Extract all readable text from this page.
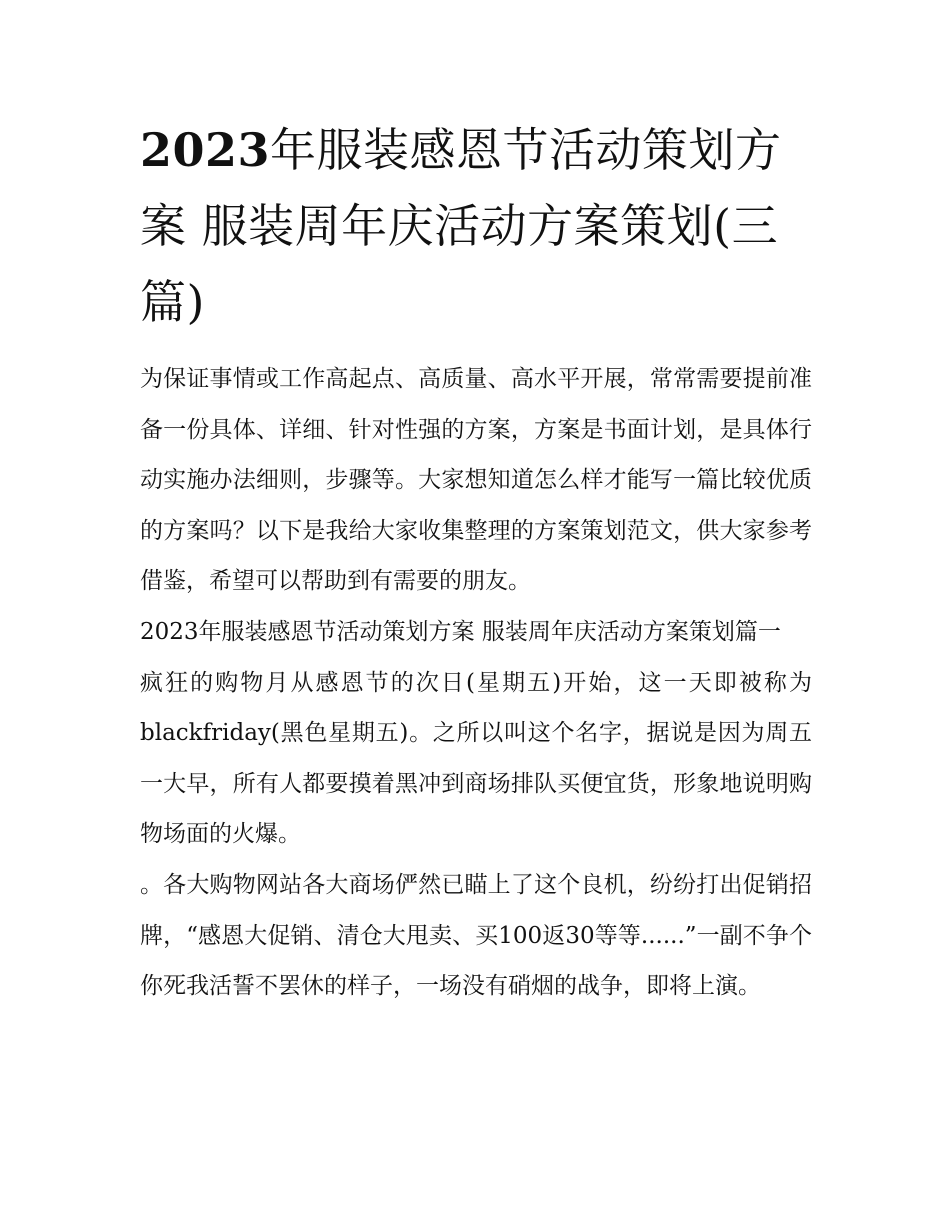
2023年服装感恩节活动策划方案 服装周年庆活动方案策划(三篇)

为保证事情或工作高起点、高质量、高水平开展，常常需要提前准备一份具体、详细、针对性强的方案，方案是书面计划，是具体行动实施办法细则，步骤等。大家想知道怎么样才能写一篇比较优质的方案吗？以下是我给大家收集整理的方案策划范文，供大家参考借鉴，希望可以帮助到有需要的朋友。

2023年服装感恩节活动策划方案 服装周年庆活动方案策划篇一

疯狂的购物月从感恩节的次日(星期五)开始，这一天即被称为blackfriday(黑色星期五)。之所以叫这个名字，据说是因为周五一大早，所有人都要摸着黑冲到商场排队买便宜货，形象地说明购物场面的火爆。

。各大购物网站各大商场俨然已瞄上了这个良机，纷纷打出促销招牌，“感恩大促销、清仓大甩卖、买100返30等等......”一副不争个你死我活誓不罢休的样子，一场没有硝烟的战争，即将上演。
